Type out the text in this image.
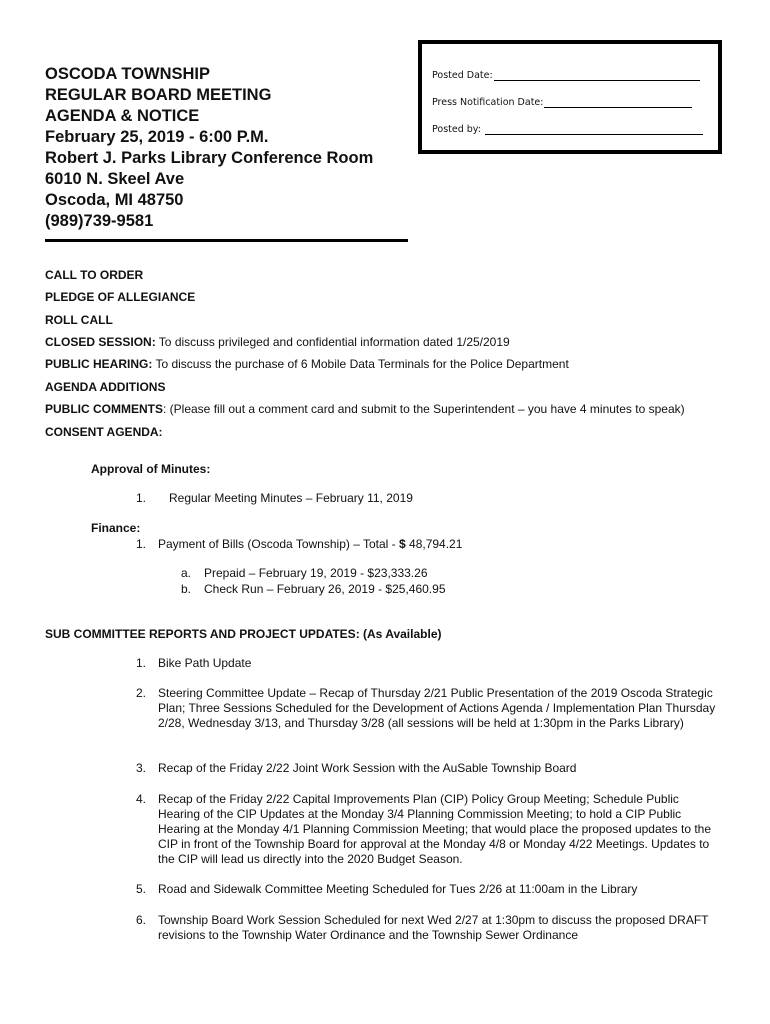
OSCODA TOWNSHIP
REGULAR BOARD MEETING
AGENDA & NOTICE
February 25, 2019 - 6:00 P.M.
Robert J. Parks Library Conference Room
6010 N. Skeel Ave
Oscoda, MI 48750
(989)739-9581
Posted Date:
Press Notification Date:
Posted by:
CALL TO ORDER
PLEDGE OF ALLEGIANCE
ROLL CALL
CLOSED SESSION: To discuss privileged and confidential information dated 1/25/2019
PUBLIC HEARING: To discuss the purchase of 6 Mobile Data Terminals for the Police Department
AGENDA ADDITIONS
PUBLIC COMMENTS: (Please fill out a comment card and submit to the Superintendent – you have 4 minutes to speak)
CONSENT AGENDA:
Approval of Minutes:
1. Regular Meeting Minutes – February 11, 2019
Finance:
1. Payment of Bills (Oscoda Township) – Total - $ 48,794.21
a. Prepaid – February 19, 2019 - $23,333.26
b. Check Run – February 26, 2019 - $25,460.95
SUB COMMITTEE REPORTS AND PROJECT UPDATES: (As Available)
1. Bike Path Update
2. Steering Committee Update – Recap of Thursday 2/21 Public Presentation of the 2019 Oscoda Strategic Plan; Three Sessions Scheduled for the Development of Actions Agenda / Implementation Plan Thursday 2/28, Wednesday 3/13, and Thursday 3/28 (all sessions will be held at 1:30pm in the Parks Library)
3. Recap of the Friday 2/22 Joint Work Session with the AuSable Township Board
4. Recap of the Friday 2/22 Capital Improvements Plan (CIP) Policy Group Meeting; Schedule Public Hearing of the CIP Updates at the Monday 3/4 Planning Commission Meeting; to hold a CIP Public Hearing at the Monday 4/1 Planning Commission Meeting; that would place the proposed updates to the CIP in front of the Township Board for approval at the Monday 4/8 or Monday 4/22 Meetings. Updates to the CIP will lead us directly into the 2020 Budget Season.
5. Road and Sidewalk Committee Meeting Scheduled for Tues 2/26 at 11:00am in the Library
6. Township Board Work Session Scheduled for next Wed 2/27 at 1:30pm to discuss the proposed DRAFT revisions to the Township Water Ordinance and the Township Sewer Ordinance
